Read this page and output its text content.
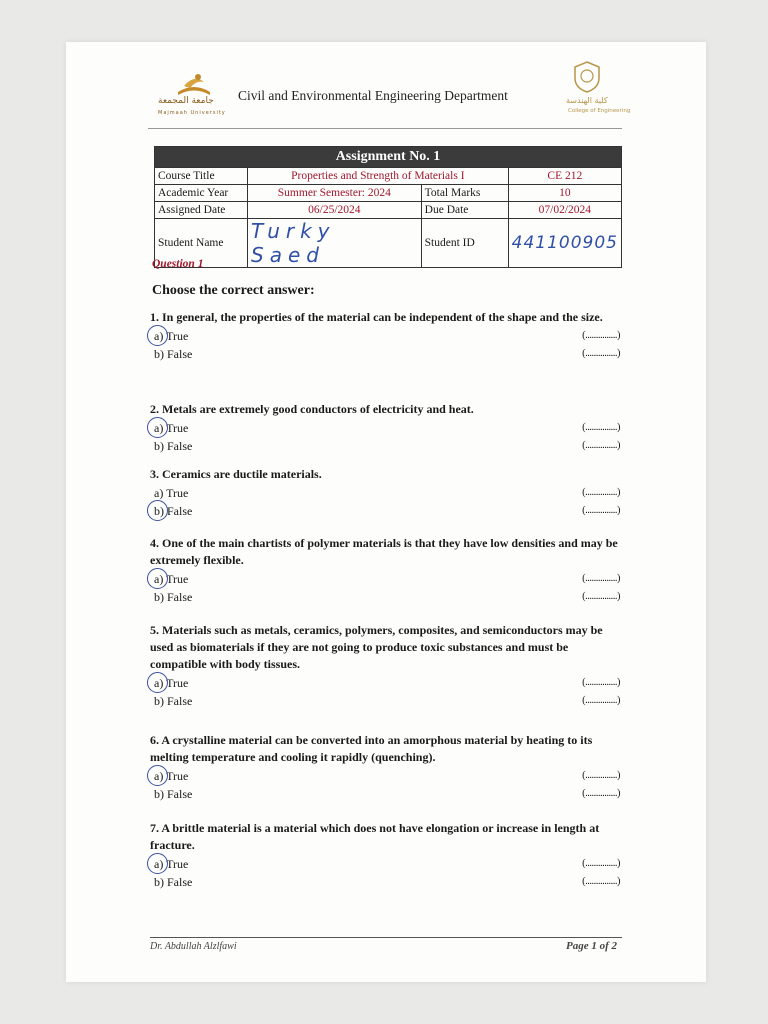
جامعة المجمعة
Majmaah University
Civil and Environmental Engineering Department	كلية الهندسة
College of Engineering
Assignment No. 1			
Course Title	Properties and Strength of Materials I		CE 212
Academic Year	Summer Semester: 2024	Total Marks	10
Assigned Date	06/25/2024	Due Date	07/02/2024
Student Name	Turky Saed	Student ID	441100905
Question 1
Choose the correct answer:
1. In general, the properties of the material can be independent of the shape and the size.
a) True	(...............)
b) False	(...............)
2. Metals are extremely good conductors of electricity and heat.
a) True	(...............)
b) False	(...............)
3. Ceramics are ductile materials.
a) True	(...............)
b) False	(...............)
4. One of the main chartists of polymer materials is that they have low densities and may be extremely flexible.
a) True	(...............)
b) False	(...............)
5. Materials such as metals, ceramics, polymers, composites, and semiconductors may be used as biomaterials if they are not going to produce toxic substances and must be compatible with body tissues.
a) True	(...............)
b) False	(...............)
6. A crystalline material can be converted into an amorphous material by heating to its melting temperature and cooling it rapidly (quenching).
a) True	(...............)
b) False	(...............)
7. A brittle material is a material which does not have elongation or increase in length at fracture.
a) True	(...............)
b) False	(...............)
Dr. Abdullah Alzlfawi	Page 1 of 2
